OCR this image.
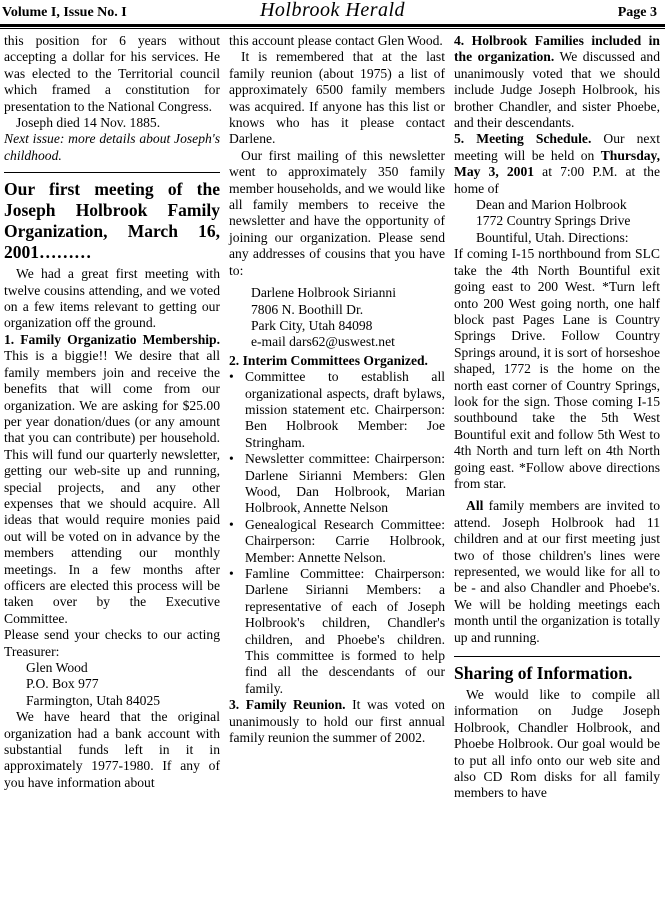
Volume I, Issue No. I	Holbrook Herald	Page 3

this position for 6 years without accepting a dollar for his services. He was elected to the Territorial council which framed a constitution for presentation to the National Congress.

Joseph died 14 Nov. 1885.

Next issue: more details about Joseph's childhood.

Our first meeting of the Joseph Holbrook Family Organization, March 16, 2001………

We had a great first meeting with twelve cousins attending, and we voted on a few items relevant to getting our organization off the ground.

1. Family Organizatio Membership. This is a biggie!! We desire that all family members join and receive the benefits that will come from our organization. We are asking for $25.00 per year donation/dues (or any amount that you can contribute) per household. This will fund our quarterly newsletter, getting our web-site up and running, special projects, and any other expenses that we should acquire. All ideas that would require monies paid out will be voted on in advance by the members attending our monthly meetings. In a few months after officers are elected this process will be taken over by the Executive Committee.

Please send your checks to our acting Treasurer:

Glen Wood

P.O. Box 977

Farmington, Utah 84025

We have heard that the original organization had a bank account with substantial funds left in it in approximately 1977-1980. If any of you have information about

this account please contact Glen Wood.

It is remembered that at the last family reunion (about 1975) a list of approximately 6500 family members was acquired. If anyone has this list or knows who has it please contact Darlene.

Our first mailing of this newsletter went to approximately 350 family member households, and we would like all family members to receive the newsletter and have the opportunity of joining our organization. Please send any addresses of cousins that you have to:

Darlene Holbrook Sirianni

7806 N. Boothill Dr.

Park City, Utah 84098

e-mail dars62@uswest.net

2. Interim Committees Organized.

• Committee to establish all organizational aspects, draft bylaws, mission statement etc. Chairperson: Ben Holbrook Member: Joe Stringham.
• Newsletter committee: Chairperson: Darlene Sirianni Members: Glen Wood, Dan Holbrook, Marian Holbrook, Annette Nelson
• Genealogical Research Committee: Chairperson: Carrie Holbrook, Member: Annette Nelson.
• Famline Committee: Chairperson: Darlene Sirianni Members: a representative of each of Joseph Holbrook's children, Chandler's children, and Phoebe's children. This committee is formed to help find all the descendants of our family.

3. Family Reunion. It was voted on unanimously to hold our first annual family reunion the summer of 2002.

4. Holbrook Families included in the organization. We discussed and unanimously voted that we should include Judge Joseph Holbrook, his brother Chandler, and sister Phoebe, and their descendants.

5. Meeting Schedule. Our next meeting will be held on Thursday, May 3, 2001 at 7:00 P.M. at the home of

Dean and Marion Holbrook

1772 Country Springs Drive

Bountiful, Utah. Directions:

If coming I-15 northbound from SLC take the 4th North Bountiful exit going east to 200 West. *Turn left onto 200 West going north, one half block past Pages Lane is Country Springs Drive. Follow Country Springs around, it is sort of horseshoe shaped, 1772 is the home on the north east corner of Country Springs, look for the sign. Those coming I-15 southbound take the 5th West Bountiful exit and follow 5th West to 4th North and turn left on 4th North going east. *Follow above directions from star.

All family members are invited to attend. Joseph Holbrook had 11 children and at our first meeting just two of those children's lines were represented, we would like for all to be - and also Chandler and Phoebe's. We will be holding meetings each month until the organization is totally up and running.

Sharing of Information.

We would like to compile all information on Judge Joseph Holbrook, Chandler Holbrook, and Phoebe Holbrook. Our goal would be to put all info onto our web site and also CD Rom disks for all family members to have
